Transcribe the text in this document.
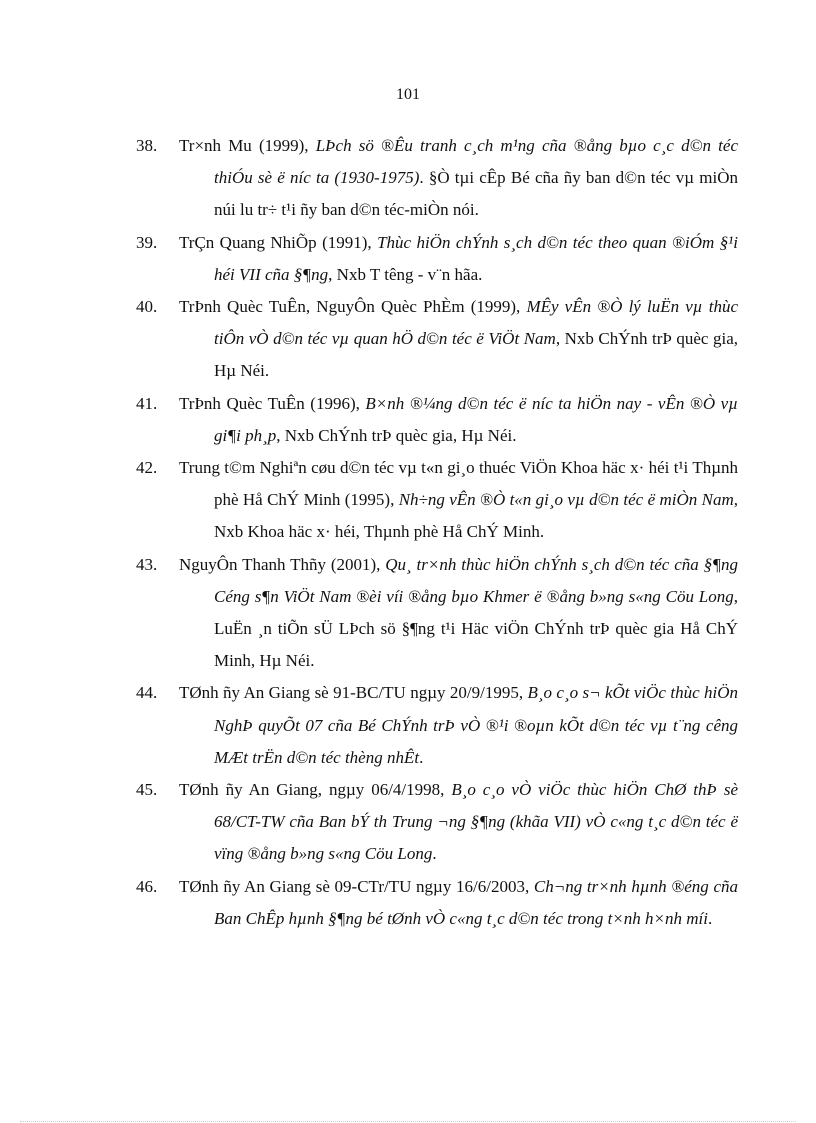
101

38.	Tr×nh Mu (1999), LÞch sö ®Êu tranh c¸ch m¹ng cña ®ång bµo c¸c d©n téc thiÓu sè ë níc ta (1930-1975). §Ò tµi cÊp Bé cña ñy ban d©n téc vµ miÒn núi lu tr÷ t¹i ñy ban d©n téc-miÒn nói.

39.	TrÇn Quang NhiÕp (1991), Thùc hiÖn chÝnh s¸ch d©n téc theo quan ®iÓm §¹i héi VII cña §¶ng, Nxb T têng - v¨n hãa.

40.	TrÞnh Quèc TuÊn, NguyÔn Quèc PhÈm (1999), MÊy vÊn ®Ò lý luËn vµ thùc tiÔn vÒ d©n téc vµ quan hÖ d©n téc ë ViÖt Nam, Nxb ChÝnh trÞ quèc gia, Hµ Néi.

41.	TrÞnh Quèc TuÊn (1996), B×nh ®¼ng d©n téc ë níc ta hiÖn nay - vÊn ®Ò vµ gi¶i ph¸p, Nxb ChÝnh trÞ quèc gia, Hµ Néi.

42.	Trung t©m Nghiªn cøu d©n téc vµ t«n gi¸o thuéc ViÖn Khoa häc x· héi t¹i Thµnh phè Hå ChÝ Minh (1995), Nh÷ng vÊn ®Ò t«n gi¸o vµ d©n téc ë miÒn Nam, Nxb Khoa häc x· héi, Thµnh phè Hå ChÝ Minh.

43.	NguyÔn Thanh Thñy (2001), Qu¸ tr×nh thùc hiÖn chÝnh s¸ch d©n téc cña §¶ng Céng s¶n ViÖt Nam ®èi víi ®ång bµo Khmer ë ®ång b»ng s«ng Cöu Long, LuËn ¸n tiÕn sÜ LÞch sö §¶ng t¹i Häc viÖn ChÝnh trÞ quèc gia Hå ChÝ Minh, Hµ Néi.

44.	TØnh ñy An Giang sè 91-BC/TU ngµy 20/9/1995, B¸o c¸o s¬ kÕt viÖc thùc hiÖn NghÞ quyÕt 07 cña Bé ChÝnh trÞ vÒ ®¹i ®oµn kÕt d©n téc vµ t¨ng cêng MÆt trËn d©n téc thèng nhÊt.

45.	TØnh ñy An Giang, ngµy 06/4/1998, B¸o c¸o vÒ viÖc thùc hiÖn ChØ thÞ sè 68/CT-TW cña Ban bÝ th Trung ¬ng §¶ng (khãa VII) vÒ c«ng t¸c d©n téc ë vïng ®ång b»ng s«ng Cöu Long.

46.	TØnh ñy An Giang sè 09-CTr/TU ngµy 16/6/2003, Ch¬ng tr×nh hµnh ®éng cña Ban ChÊp hµnh §¶ng bé tØnh vÒ c«ng t¸c d©n téc trong t×nh h×nh míi.
